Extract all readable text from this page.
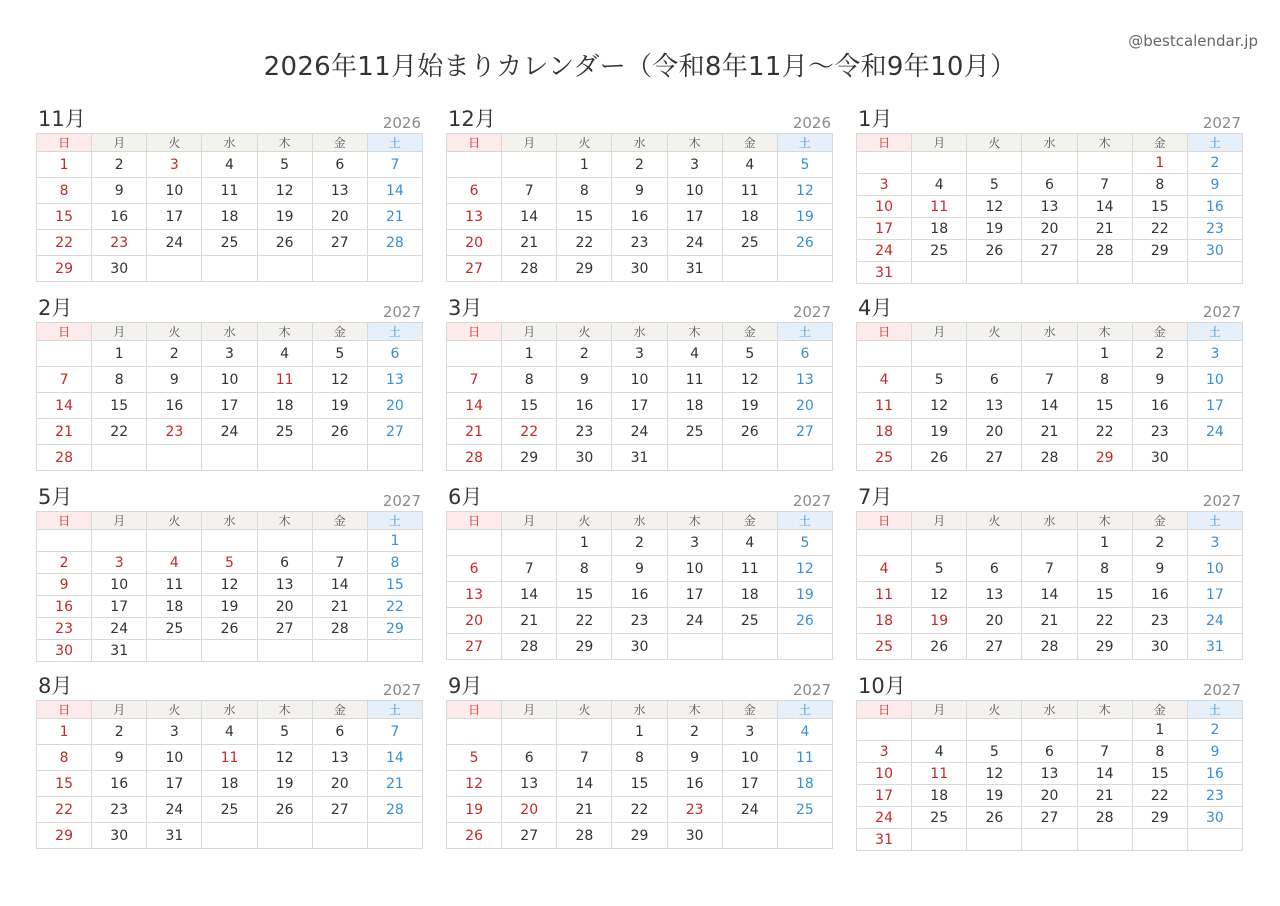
@bestcalendar.jp
2026年11月始まりカレンダー（令和8年11月〜令和9年10月）
11月	2026
日	月	火	水	木	金	土
1	2	3	4	5	6	7
8	9	10	11	12	13	14
15	16	17	18	19	20	21
22	23	24	25	26	27	28
29	30					
12月	2026
日	月	火	水	木	金	土
		1	2	3	4	5
6	7	8	9	10	11	12
13	14	15	16	17	18	19
20	21	22	23	24	25	26
27	28	29	30	31		
1月	2027
日	月	火	水	木	金	土
					1	2
3	4	5	6	7	8	9
10	11	12	13	14	15	16
17	18	19	20	21	22	23
24	25	26	27	28	29	30
31						
2月	2027
日	月	火	水	木	金	土
	1	2	3	4	5	6
7	8	9	10	11	12	13
14	15	16	17	18	19	20
21	22	23	24	25	26	27
28						
3月	2027
日	月	火	水	木	金	土
	1	2	3	4	5	6
7	8	9	10	11	12	13
14	15	16	17	18	19	20
21	22	23	24	25	26	27
28	29	30	31			
4月	2027
日	月	火	水	木	金	土
				1	2	3
4	5	6	7	8	9	10
11	12	13	14	15	16	17
18	19	20	21	22	23	24
25	26	27	28	29	30	
5月	2027
日	月	火	水	木	金	土
						1
2	3	4	5	6	7	8
9	10	11	12	13	14	15
16	17	18	19	20	21	22
23	24	25	26	27	28	29
30	31					
6月	2027
日	月	火	水	木	金	土
		1	2	3	4	5
6	7	8	9	10	11	12
13	14	15	16	17	18	19
20	21	22	23	24	25	26
27	28	29	30			
7月	2027
日	月	火	水	木	金	土
				1	2	3
4	5	6	7	8	9	10
11	12	13	14	15	16	17
18	19	20	21	22	23	24
25	26	27	28	29	30	31
8月	2027
日	月	火	水	木	金	土
1	2	3	4	5	6	7
8	9	10	11	12	13	14
15	16	17	18	19	20	21
22	23	24	25	26	27	28
29	30	31				
9月	2027
日	月	火	水	木	金	土
			1	2	3	4
5	6	7	8	9	10	11
12	13	14	15	16	17	18
19	20	21	22	23	24	25
26	27	28	29	30		
10月	2027
日	月	火	水	木	金	土
					1	2
3	4	5	6	7	8	9
10	11	12	13	14	15	16
17	18	19	20	21	22	23
24	25	26	27	28	29	30
31						
